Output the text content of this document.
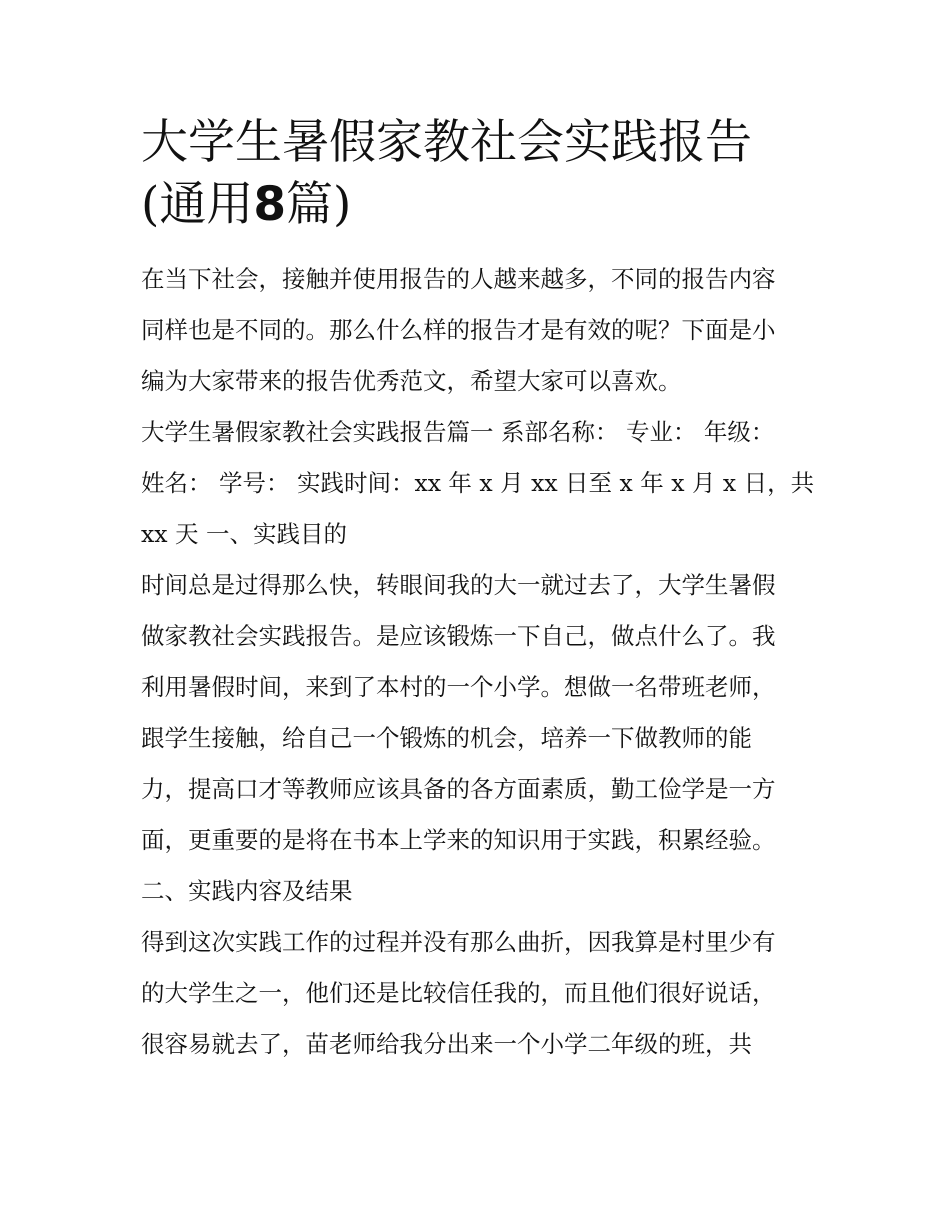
大学生暑假家教社会实践报告
(通用8篇)

在当下社会，接触并使用报告的人越来越多，不同的报告内容
同样也是不同的。那么什么样的报告才是有效的呢？下面是小
编为大家带来的报告优秀范文，希望大家可以喜欢。

大学生暑假家教社会实践报告篇一 系部名称： 专业： 年级：
姓名： 学号： 实践时间：xx 年 x 月 xx 日至 x 年 x 月 x 日，共
xx 天 一、实践目的

时间总是过得那么快，转眼间我的大一就过去了，大学生暑假
做家教社会实践报告。是应该锻炼一下自己，做点什么了。我
利用暑假时间，来到了本村的一个小学。想做一名带班老师，
跟学生接触，给自己一个锻炼的机会，培养一下做教师的能
力，提高口才等教师应该具备的各方面素质，勤工俭学是一方
面，更重要的是将在书本上学来的知识用于实践，积累经验。

二、实践内容及结果

得到这次实践工作的过程并没有那么曲折，因我算是村里少有
的大学生之一，他们还是比较信任我的，而且他们很好说话，
很容易就去了，苗老师给我分出来一个小学二年级的班，共
